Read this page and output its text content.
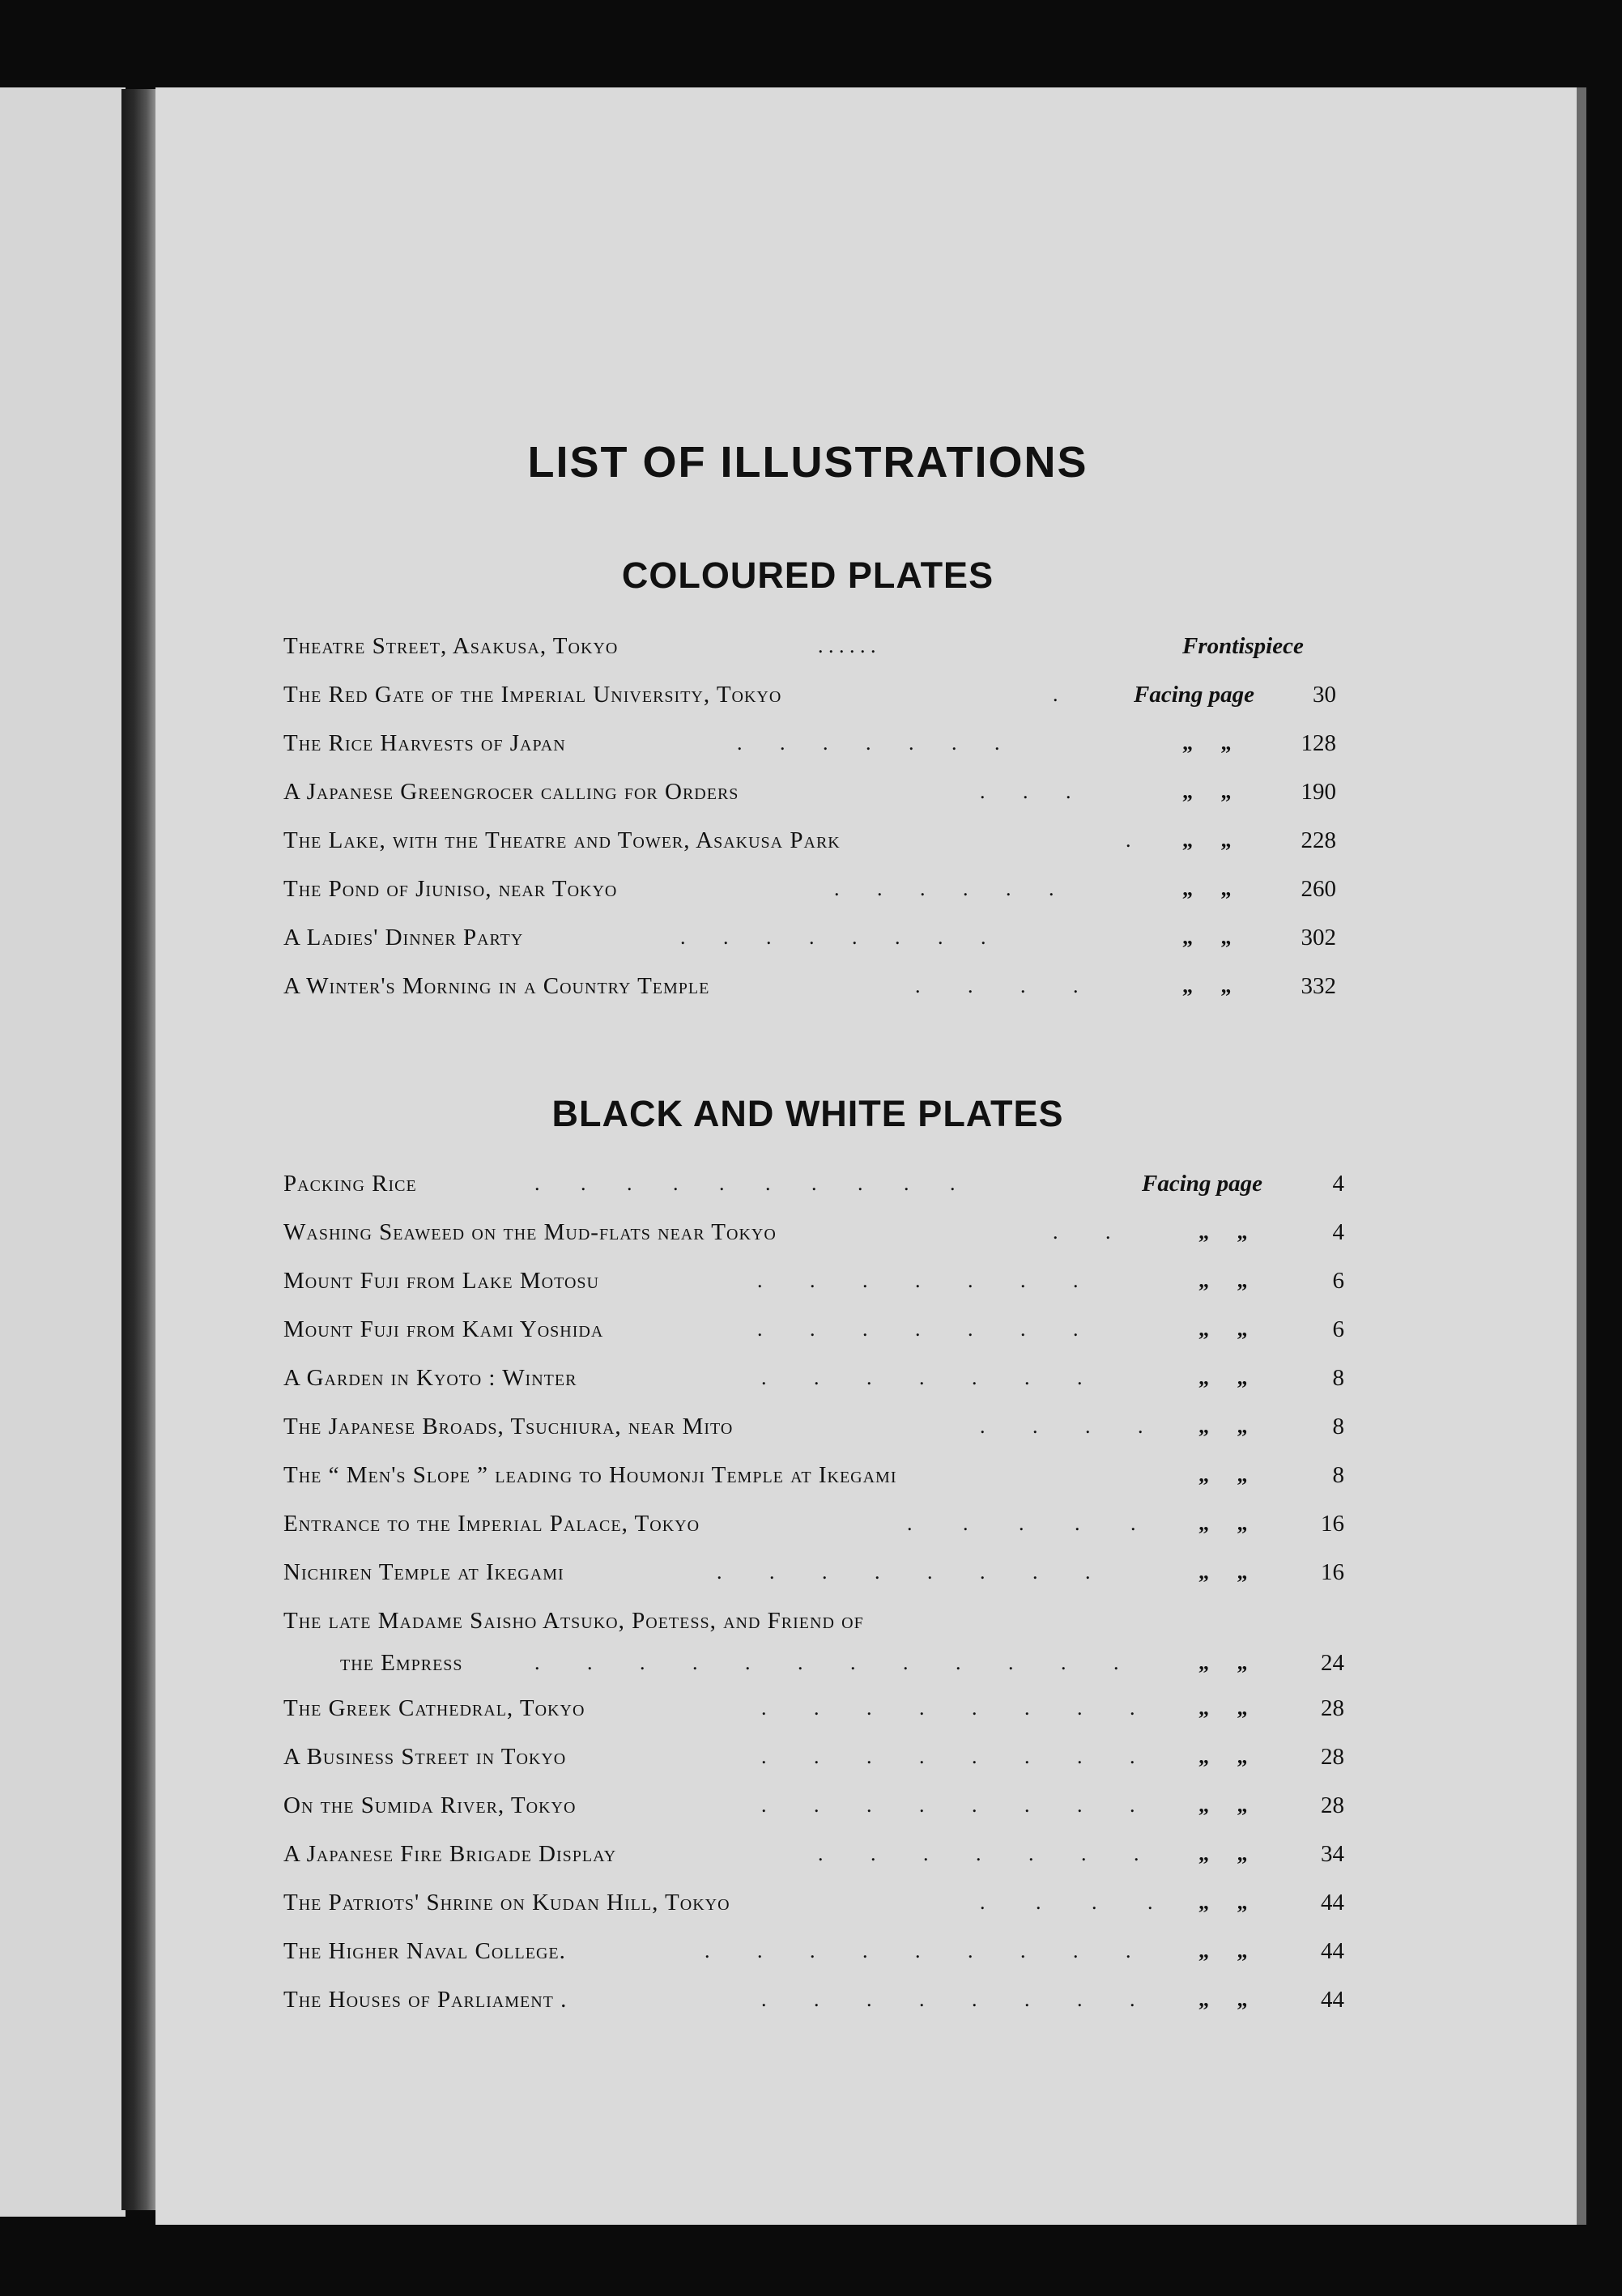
LIST OF ILLUSTRATIONS
COLOURED PLATES
Theatre Street, Asakusa, Tokyo	. . . . . .	Frontispiece
The Red Gate of the Imperial University, Tokyo	.	Facing page	30
The Rice Harvests of Japan	. . . . . . .	„ „	128
A Japanese Greengrocer calling for Orders	. . .	„ „	190
The Lake, with the Theatre and Tower, Asakusa Park	. „ „	228
The Pond of Jiuniso, near Tokyo	. . . . . .	„ „	260
A Ladies' Dinner Party	. . . . . . . .	„ „	302
A Winter's Morning in a Country Temple	. . . .	„ „	332
BLACK AND WHITE PLATES
Packing Rice	. . . . . . . . . .	Facing page	4
Washing Seaweed on the Mud-flats near Tokyo	. .	„ „	4
Mount Fuji from Lake Motosu	. . . . . . .	„ „	6
Mount Fuji from Kami Yoshida	. . . . . . .	„ „	6
A Garden in Kyoto : Winter	. . . . . . .	„ „	8
The Japanese Broads, Tsuchiura, near Mito	. . . . „ „	8
The “ Men's Slope ” leading to Houmonji Temple at Ikegami	„ „	8
Entrance to the Imperial Palace, Tokyo	. . . . . „ „	16
Nichiren Temple at Ikegami	. . . . . . . .	„ „	16
The late Madame Saisho Atsuko, Poetess, and Friend of
the Empress	. . . . . . . . . . . .	„ „	24
The Greek Cathedral, Tokyo	. . . . . . . . „ „	28
A Business Street in Tokyo	. . . . . . . . „ „	28
On the Sumida River, Tokyo	. . . . . . . . „ „	28
A Japanese Fire Brigade Display	. . . . . . . „ „	34
The Patriots' Shrine on Kudan Hill, Tokyo	. . . . „ „	44
The Higher Naval College.	. . . . . . . . . „ „	44
The Houses of Parliament .	. . . . . . . . „ „	44
